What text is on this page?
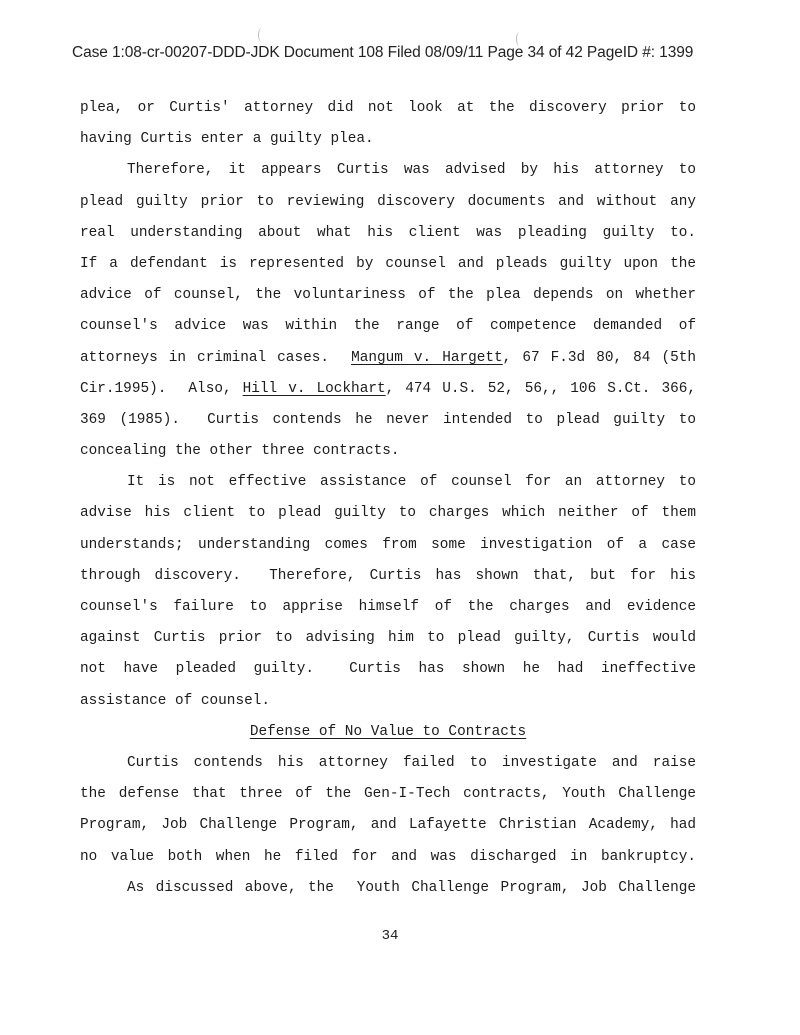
Case 1:08-cr-00207-DDD-JDK Document 108 Filed 08/09/11 Page 34 of 42 PageID #: 1399
plea, or Curtis' attorney did not look at the discovery prior to
having Curtis enter a guilty plea.
Therefore, it appears Curtis was advised by his attorney to
plead guilty prior to reviewing discovery documents and without any
real understanding about what his client was pleading guilty to.
If a defendant is represented by counsel and pleads guilty upon the
advice of counsel, the voluntariness of the plea depends on whether
counsel's advice was within the range of competence demanded of
attorneys in criminal cases.  Mangum v. Hargett, 67 F.3d 80, 84 (5th
Cir.1995).  Also, Hill v. Lockhart, 474 U.S. 52, 56,, 106 S.Ct. 366,
369 (1985).  Curtis contends he never intended to plead guilty to
concealing the other three contracts.
It is not effective assistance of counsel for an attorney to
advise his client to plead guilty to charges which neither of them
understands; understanding comes from some investigation of a case
through discovery.  Therefore, Curtis has shown that, but for his
counsel's failure to apprise himself of the charges and evidence
against Curtis prior to advising him to plead guilty, Curtis would
not have pleaded guilty.  Curtis has shown he had ineffective
assistance of counsel.
Defense of No Value to Contracts
Curtis contends his attorney failed to investigate and raise
the defense that three of the Gen-I-Tech contracts, Youth Challenge
Program, Job Challenge Program, and Lafayette Christian Academy, had
no value both when he filed for and was discharged in bankruptcy.
As discussed above, the  Youth Challenge Program, Job Challenge
34
